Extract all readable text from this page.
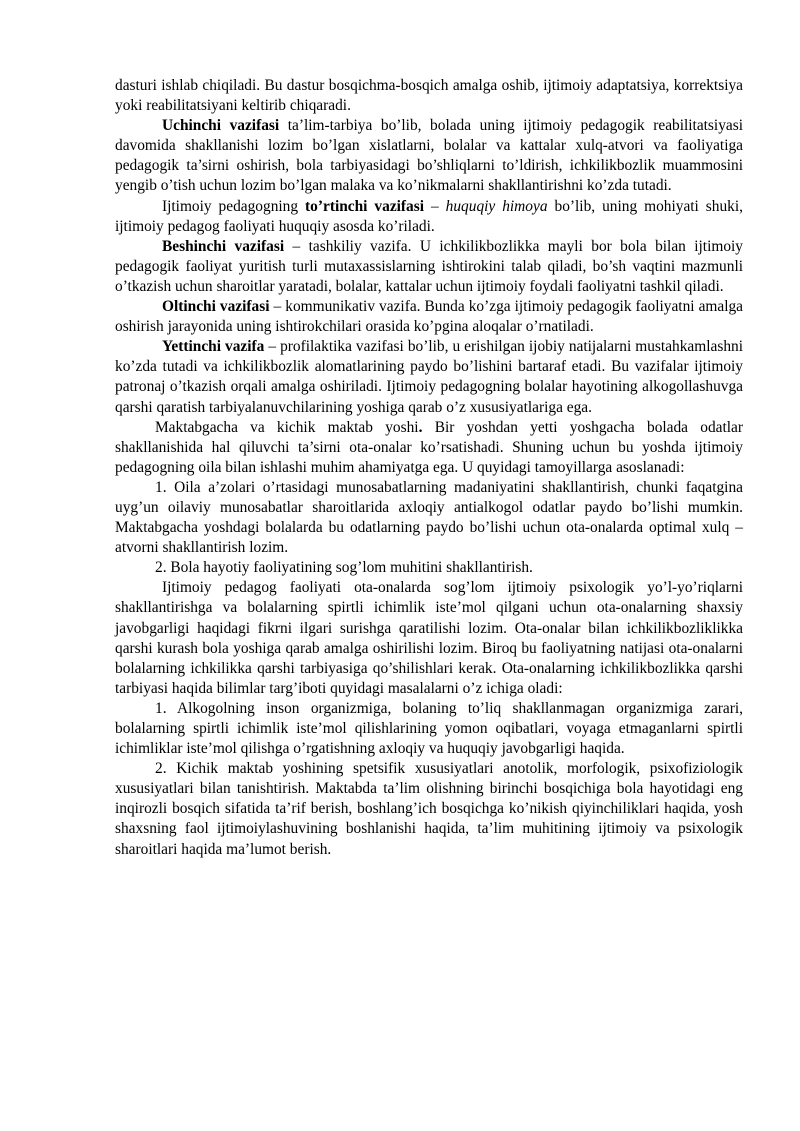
dasturi ishlab chiqiladi. Bu dastur bosqichma-bosqich amalga oshib, ijtimoiy adaptatsiya, korrektsiya yoki reabilitatsiyani keltirib chiqaradi.

Uchinchi vazifasi ta’lim-tarbiya bo’lib, bolada uning ijtimoiy pedagogik reabilitatsiyasi davomida shakllanishi lozim bo’lgan xislatlarni, bolalar va kattalar xulq-atvori va faoliyatiga pedagogik ta’sirni oshirish, bola tarbiyasidagi bo’shliqlarni to’ldirish, ichkilikbozlik muammosini yengib o’tish uchun lozim bo’lgan malaka va ko’nikmalarni shakllantirishni ko’zda tutadi.

Ijtimoiy pedagogning to’rtinchi vazifasi – huquqiy himoya bo’lib, uning mohiyati shuki, ijtimoiy pedagog faoliyati huquqiy asosda ko’riladi.

Beshinchi vazifasi – tashkiliy vazifa. U ichkilikbozlikka mayli bor bola bilan ijtimoiy pedagogik faoliyat yuritish turli mutaxassislarning ishtirokini talab qiladi, bo’sh vaqtini mazmunli o’tkazish uchun sharoitlar yaratadi, bolalar, kattalar uchun ijtimoiy foydali faoliyatni tashkil qiladi.

Oltinchi vazifasi – kommunikativ vazifa. Bunda ko’zga ijtimoiy pedagogik faoliyatni amalga oshirish jarayonida uning ishtirokchilari orasida ko’pgina aloqalar o’rnatiladi.

Yettinchi vazifa – profilaktika vazifasi bo’lib, u erishilgan ijobiy natijalarni mustahkamlashni ko’zda tutadi va ichkilikbozlik alomatlarining paydo bo’lishini bartaraf etadi. Bu vazifalar ijtimoiy patronaj o’tkazish orqali amalga oshiriladi. Ijtimoiy pedagogning bolalar hayotining alkogollashuvga qarshi qaratish tarbiyalanuvchilarining yoshiga qarab o’z xususiyatlariga ega.

Maktabgacha va kichik maktab yoshi. Bir yoshdan yetti yoshgacha bolada odatlar shakllanishida hal qiluvchi ta’sirni ota-onalar ko’rsatishadi. Shuning uchun bu yoshda ijtimoiy pedagogning oila bilan ishlashi muhim ahamiyatga ega. U quyidagi tamoyillarga asoslanadi:

1. Oila a’zolari o’rtasidagi munosabatlarning madaniyatini shakllantirish, chunki faqatgina uyg’un oilaviy munosabatlar sharoitlarida axloqiy antialkogol odatlar paydo bo’lishi mumkin. Maktabgacha yoshdagi bolalarda bu odatlarning paydo bo’lishi uchun ota-onalarda optimal xulq – atvorni shakllantirish lozim.

2. Bola hayotiy faoliyatining sog’lom muhitini shakllantirish.

Ijtimoiy pedagog faoliyati ota-onalarda sog’lom ijtimoiy psixologik yo’l-yo’riqlarni shakllantirishga va bolalarning spirtli ichimlik iste’mol qilgani uchun ota-onalarning shaxsiy javobgarligi haqidagi fikrni ilgari surishga qaratilishi lozim. Ota-onalar bilan ichkilikbozliklikka qarshi kurash bola yoshiga qarab amalga oshirilishi lozim. Biroq bu faoliyatning natijasi ota-onalarni bolalarning ichkilikka qarshi tarbiyasiga qo’shilishlari kerak. Ota-onalarning ichkilikbozlikka qarshi tarbiyasi haqida bilimlar targ’iboti quyidagi masalalarni o’z ichiga oladi:

1. Alkogolning inson organizmiga, bolaning to’liq shakllanmagan organizmiga zarari, bolalarning spirtli ichimlik iste’mol qilishlarining yomon oqibatlari, voyaga etmaganlarni spirtli ichimliklar iste’mol qilishga o’rgatishning axloqiy va huquqiy javobgarligi haqida.

2. Kichik maktab yoshining spetsifik xususiyatlari anotolik, morfologik, psixofiziologik xususiyatlari bilan tanishtirish. Maktabda ta’lim olishning birinchi bosqichiga bola hayotidagi eng inqirozli bosqich sifatida ta’rif berish, boshlang’ich bosqichga ko’nikish qiyinchiliklari haqida, yosh shaxsning faol ijtimoiylashuvining boshlanishi haqida, ta’lim muhitining ijtimoiy va psixologik sharoitlari haqida ma’lumot berish.
